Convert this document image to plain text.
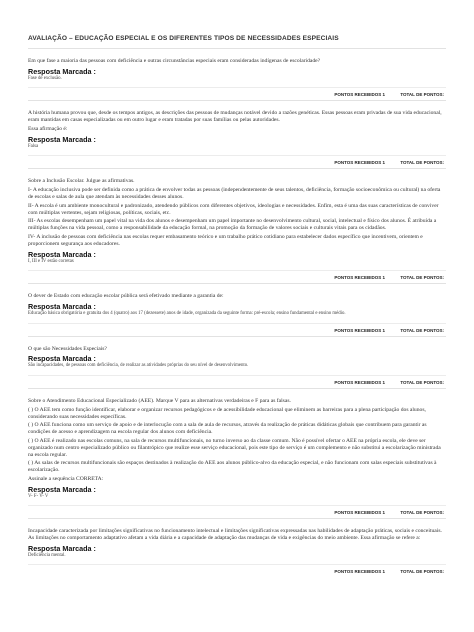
AVALIAÇÃO – EDUCAÇÃO ESPECIAL E OS DIFERENTES TIPOS DE NECESSIDADES ESPECIAIS

Em que fase a maioria das pessoas com deficiência e outras circunstâncias especiais eram consideradas indígenas de escolaridade?

Resposta Marcada :
Fase de exclusão.
PONTOS RECEBIDOS 1	TOTAL DE PONTOS:

A história humana provou que, desde os tempos antigos, as descrições das pessoas de mudanças notável devido a razões genéticas. Essas pessoas eram privadas de sua vida educacional, eram mantidas em casas especializadas ou em outro lugar e eram tratadas por suas famílias ou pelas autoridades.

Essa afirmação é:

Resposta Marcada :
Falsa
PONTOS RECEBIDOS 1	TOTAL DE PONTOS:

Sobre a Inclusão Escolar. Julgue as afirmativas.

I- A educação inclusiva pode ser definida como a prática de envolver todas as pessoas (independentemente de seus talentos, deficiência, formação socioeconômica ou cultural) na oferta de escolas e salas de aula que atendam às necessidades desses alunos.

II- A escola é um ambiente monocultural e padronizado, atendendo públicos com diferentes objetivos, ideologias e necessidades. Enfim, esta é uma das suas características de conviver com múltiplas vertentes, sejam religiosas, políticas, sociais, etc.

III- As escolas desempenham um papel vital na vida dos alunos e desempenham um papel importante no desenvolvimento cultural, social, intelectual e físico dos alunos. É atribuída a múltiplas funções na vida pessoal, como a responsabilidade da educação formal, na promoção da formação de valores sociais e culturais vitais para os cidadãos.

IV- A inclusão de pessoas com deficiência nas escolas requer embasamento teórico e um trabalho prático cotidiano para estabelecer dados específico que incentivem, orientem e proporcionem segurança aos educadores.

Resposta Marcada :
I, III e IV estão corretas
PONTOS RECEBIDOS 1	TOTAL DE PONTOS:

O dever de Estado com educação escolar pública será efetivado mediante a garantia de:

Resposta Marcada :
Educação básica obrigatória e gratuita dos 4 (quatro) aos 17 (dezessete) anos de idade, organizada da seguinte forma: pré-escola; ensino fundamental e ensino médio.
PONTOS RECEBIDOS 1	TOTAL DE PONTOS:

O que são Necessidades Especiais?

Resposta Marcada :
São incapacidades, de pessoas com deficiência, de realizar as atividades próprias do seu nível de desenvolvimento.
PONTOS RECEBIDOS 1	TOTAL DE PONTOS:

Sobre o Atendimento Educacional Especializado (AEE). Marque V para as alternativas verdadeiras e F para as falsas.

( ) O AEE tem como função identificar, elaborar e organizar recursos pedagógicos e de acessibilidade educacional que eliminem as barreiras para a plena participação dos alunos, considerando suas necessidades específicas.

( ) O AEE funciona como um serviço de apoio e de interlocução com a sala de aula de recursos, através da realização de práticas didáticas globais que contribuem para garantir as condições de acesso e aprendizagem na escola regular dos alunos com deficiência.

( ) O AEE é realizado nas escolas comuns, na sala de recursos multifuncionais, no turno inverso ao da classe comum. Não é possível ofertar o AEE na própria escola, ele deve ser organizado num centro especializado público ou filantrópico que realize esse serviço educacional, pois este tipo de serviço é um complemento e não substitui a escolarização ministrada na escola regular.

( ) As salas de recursos multifuncionais são espaços destinados à realização do AEE aos alunos público-alvo da educação especial, e não funcionam com salas especiais substitutivas à escolarização.

Assinale a sequência CORRETA:

Resposta Marcada :
V- F- V- V
PONTOS RECEBIDOS 1	TOTAL DE PONTOS:

Incapacidade caracterizada por limitações significativas no funcionamento intelectual e limitações significativas expressadas nas habilidades de adaptação práticas, sociais e conceituais. As limitações no comportamento adaptativo afetam a vida diária e a capacidade de adaptação das mudanças de vida e exigências do meio ambiente. Essa afirmação se refere a:

Resposta Marcada :
Deficiência mental.
PONTOS RECEBIDOS 1	TOTAL DE PONTOS:
